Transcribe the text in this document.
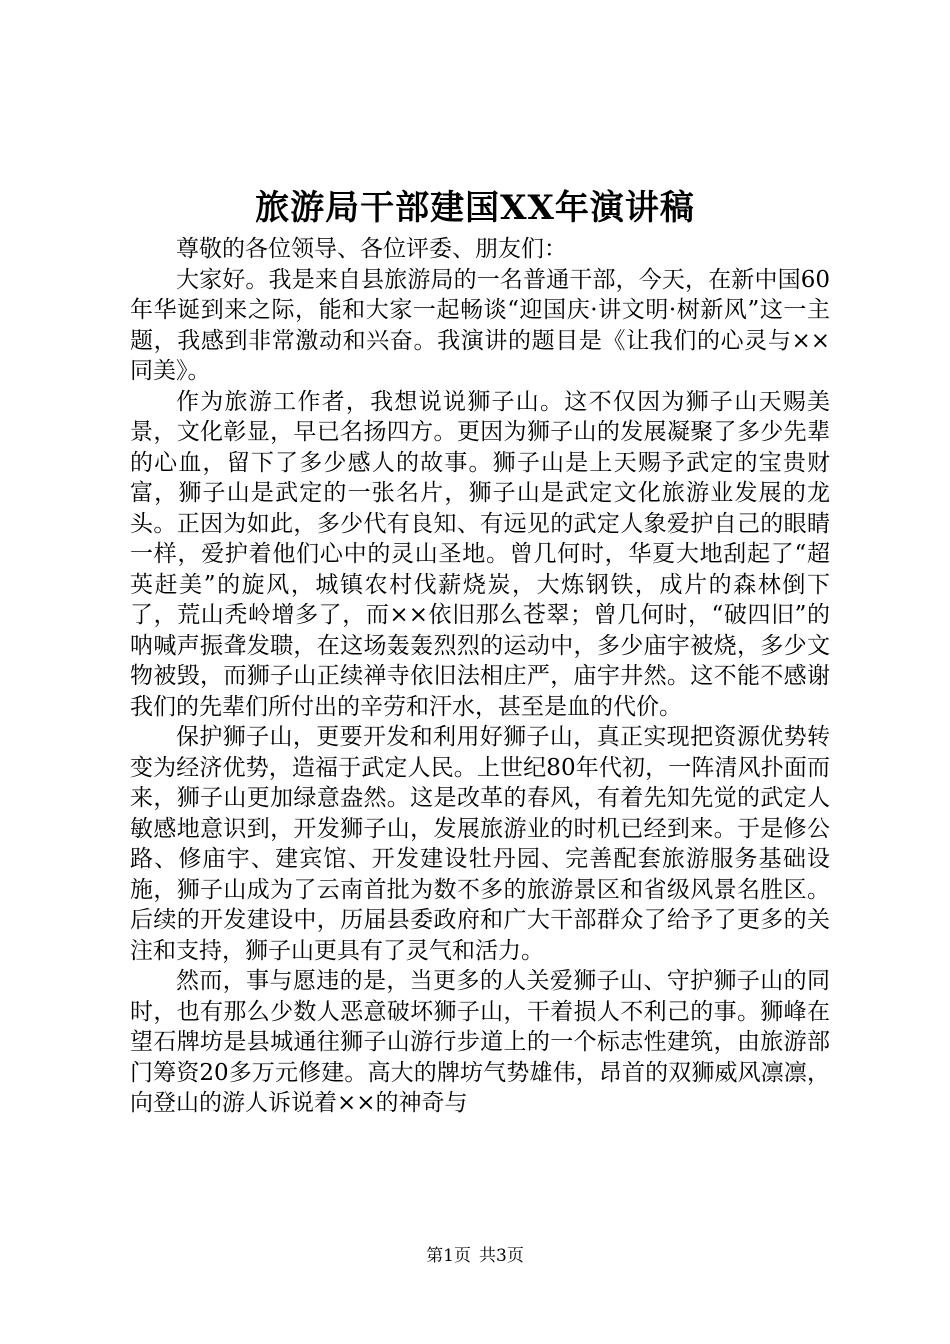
旅游局干部建国XX年演讲稿

尊敬的各位领导、各位评委、朋友们：

大家好。我是来自县旅游局的一名普通干部，今天，在新中国60年华诞到来之际，能和大家一起畅谈“迎国庆·讲文明·树新风”这一主题，我感到非常激动和兴奋。我演讲的题目是《让我们的心灵与××同美》。

作为旅游工作者，我想说说狮子山。这不仅因为狮子山天赐美景，文化彰显，早已名扬四方。更因为狮子山的发展凝聚了多少先辈的心血，留下了多少感人的故事。狮子山是上天赐予武定的宝贵财富，狮子山是武定的一张名片，狮子山是武定文化旅游业发展的龙头。正因为如此，多少代有良知、有远见的武定人象爱护自己的眼睛一样，爱护着他们心中的灵山圣地。曾几何时，华夏大地刮起了“超英赶美”的旋风，城镇农村伐薪烧炭，大炼钢铁，成片的森林倒下了，荒山秃岭增多了，而××依旧那么苍翠；曾几何时，“破四旧”的呐喊声振聋发聩，在这场轰轰烈烈的运动中，多少庙宇被烧，多少文物被毁，而狮子山正续禅寺依旧法相庄严，庙宇井然。这不能不感谢我们的先辈们所付出的辛劳和汗水，甚至是血的代价。

保护狮子山，更要开发和利用好狮子山，真正实现把资源优势转变为经济优势，造福于武定人民。上世纪80年代初，一阵清风扑面而来，狮子山更加绿意盎然。这是改革的春风，有着先知先觉的武定人敏感地意识到，开发狮子山，发展旅游业的时机已经到来。于是修公路、修庙宇、建宾馆、开发建设牡丹园、完善配套旅游服务基础设施，狮子山成为了云南首批为数不多的旅游景区和省级风景名胜区。后续的开发建设中，历届县委政府和广大干部群众了给予了更多的关注和支持，狮子山更具有了灵气和活力。

然而，事与愿违的是，当更多的人关爱狮子山、守护狮子山的同时，也有那么少数人恶意破坏狮子山，干着损人不利己的事。狮峰在望石牌坊是县城通往狮子山游行步道上的一个标志性建筑，由旅游部门筹资20多万元修建。高大的牌坊气势雄伟，昂首的双狮威风凛凛，向登山的游人诉说着××的神奇与

第1页 共3页
